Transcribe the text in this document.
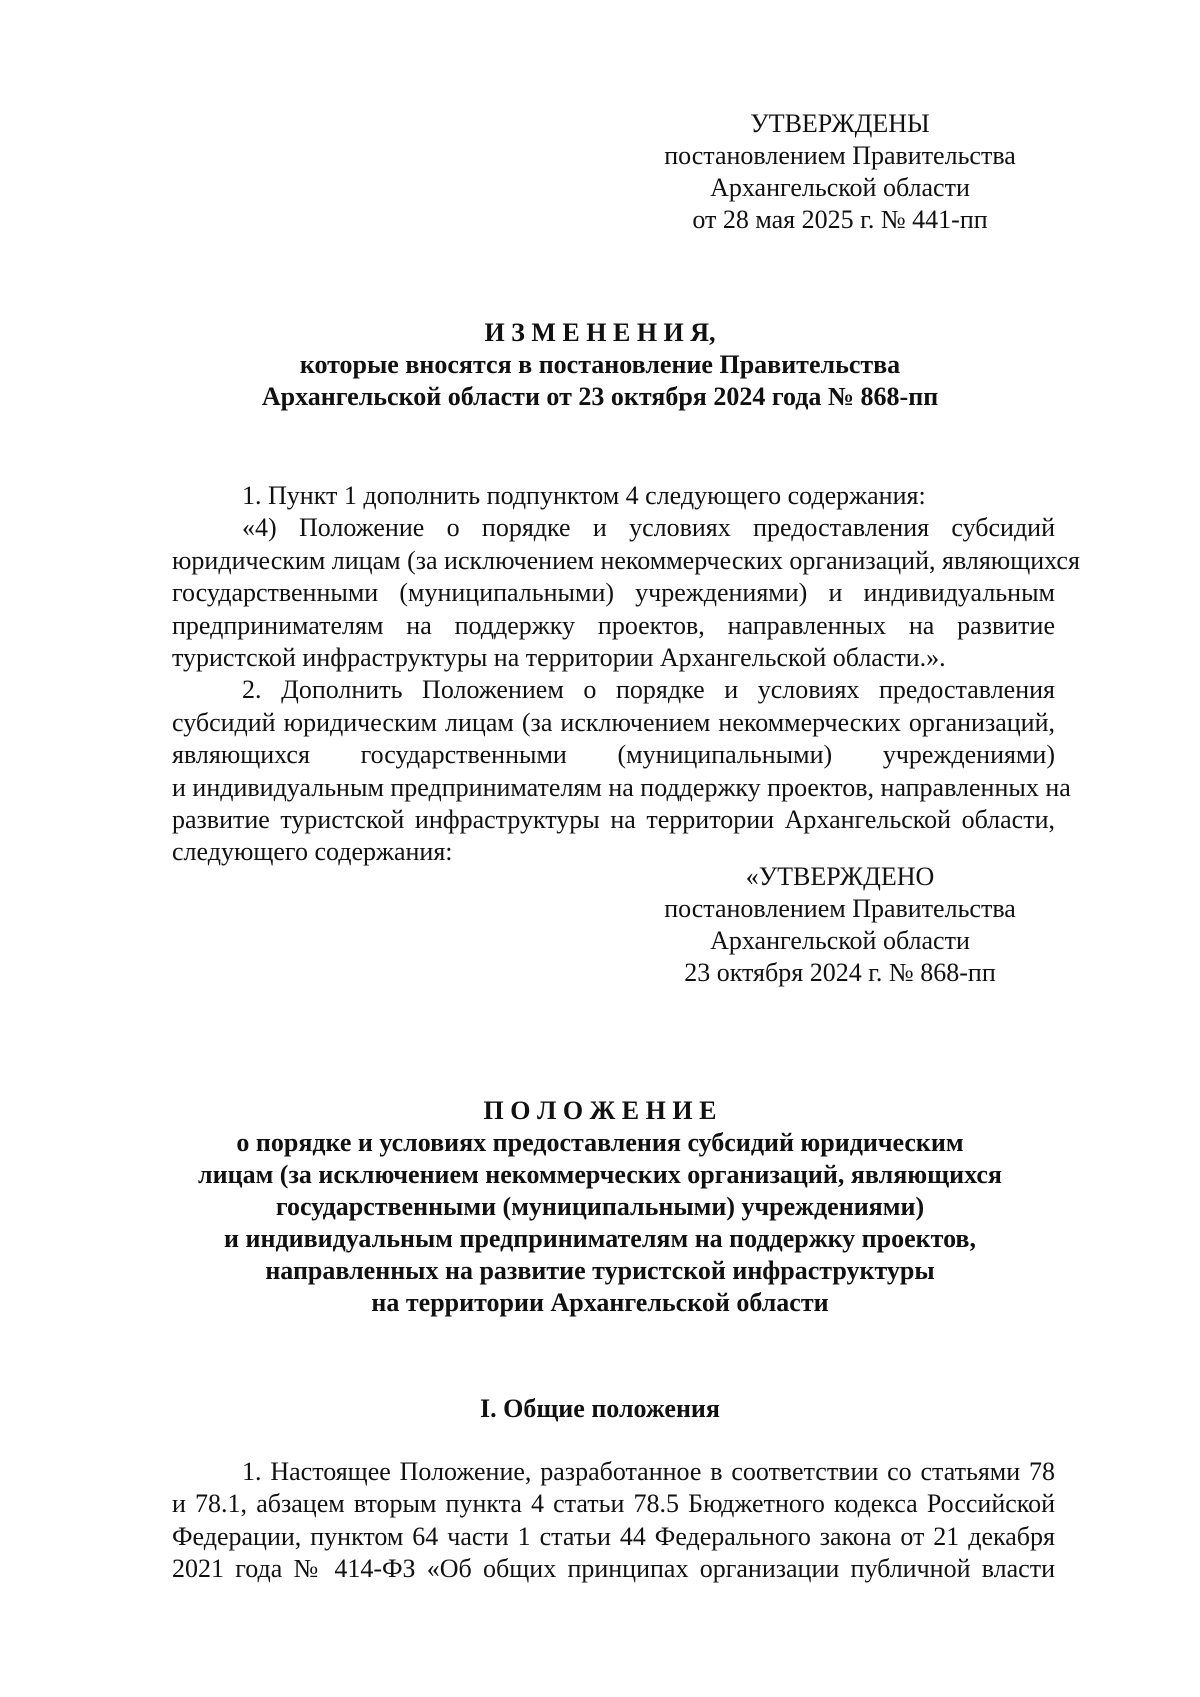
УТВЕРЖДЕНЫ
постановлением Правительства
Архангельской области
от 28 мая 2025 г. № 441-пп
И З М Е Н Е Н И Я,
которые вносятся в постановление Правительства
Архангельской области от 23 октября 2024 года № 868-пп
1. Пункт 1 дополнить подпунктом 4 следующего содержания:
«4) Положение о порядке и условиях предоставления субсидий
юридическим лицам (за исключением некоммерческих организаций, являющихся
государственными (муниципальными) учреждениями) и индивидуальным
предпринимателям на поддержку проектов, направленных на развитие
туристской инфраструктуры на территории Архангельской области.».
2. Дополнить Положением о порядке и условиях предоставления
субсидий юридическим лицам (за исключением некоммерческих организаций,
являющихся государственными (муниципальными) учреждениями)
и индивидуальным предпринимателям на поддержку проектов, направленных на
развитие туристской инфраструктуры на территории Архангельской области,
следующего содержания:
«УТВЕРЖДЕНО
постановлением Правительства
Архангельской области
23 октября 2024 г. № 868-пп
П О Л О Ж Е Н И Е
о порядке и условиях предоставления субсидий юридическим
лицам (за исключением некоммерческих организаций, являющихся
государственными (муниципальными) учреждениями)
и индивидуальным предпринимателям на поддержку проектов,
направленных на развитие туристской инфраструктуры
на территории Архангельской области
I. Общие положения
1. Настоящее Положение, разработанное в соответствии со статьями 78
и 78.1, абзацем вторым пункта 4 статьи 78.5 Бюджетного кодекса Российской
Федерации, пунктом 64 части 1 статьи 44 Федерального закона от 21 декабря
2021 года № 414-ФЗ «Об общих принципах организации публичной власти
